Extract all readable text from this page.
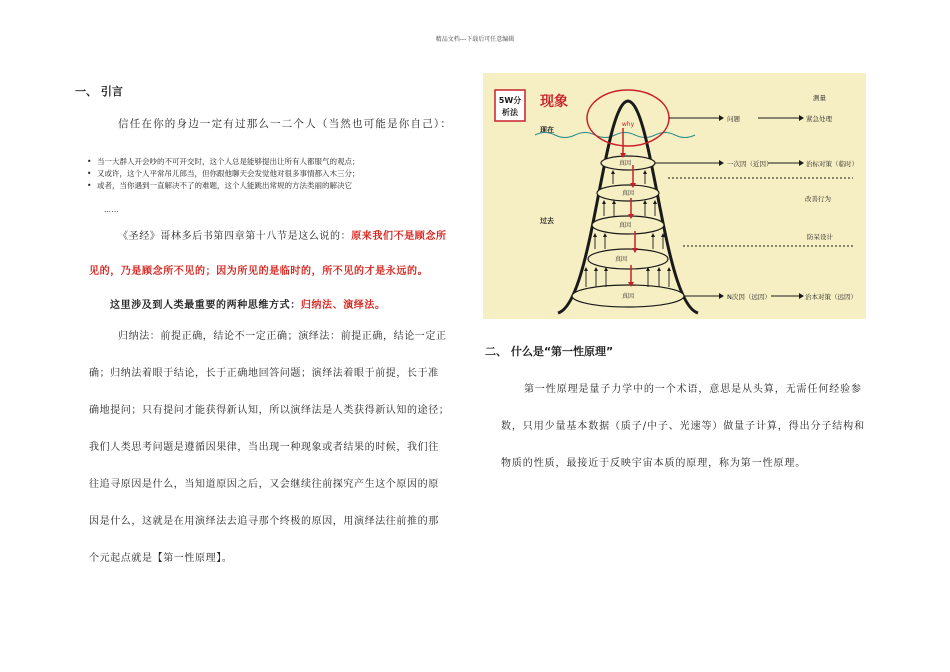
精品文档---下载后可任意编辑
一、 引言
信任在你的身边一定有过那么一二个人（当然也可能是你自己）：
• 当一大群人开会吵的不可开交时，这个人总是能够提出让所有人都服气的观点；
• 又或许，这个人平常吊儿郎当，但你跟他聊天会发觉他对很多事情都入木三分；
• 或者，当你遇到一直解决不了的难题，这个人能跳出常规的方法类丽的解决它
……
《圣经》哥林多后书第四章第十八节是这么说的：原来我们不是顾念所
见的，乃是顾念所不见的；因为所见的是临时的，所不见的才是永远的。
这里涉及到人类最重要的两种思维方式：归纳法、演绎法。
归纳法：前提正确，结论不一定正确；演绎法：前提正确，结论一定正
确；归纳法着眼于结论，长于正确地回答问题；演绎法着眼于前提，长于准
确地提问；只有提问才能获得新认知，所以演绎法是人类获得新认知的途径；
我们人类思考问题是遵循因果律，当出现一种现象或者结果的时候，我们往
往追寻原因是什么，当知道原因之后，又会继续往前探究产生这个原因的原
因是什么，这就是在用演绎法去追寻那个终极的原因，用演绎法往前推的那
个元起点就是【第一性原理】。
5W分
析法
现象
现在
过去
why
真因
真因
真因
真因
真因
问题
一次因（近因）
N次因（远因）
测量
紧急处理
治标对策（临时）
改善行为
防呆设计
治本对策（远因）
二、 什么是“第一性原理”
第一性原理是量子力学中的一个术语，意思是从头算，无需任何经验参
数，只用少量基本数据（质子/中子、光速等）做量子计算，得出分子结构和
物质的性质，最接近于反映宇宙本质的原理，称为第一性原理。
